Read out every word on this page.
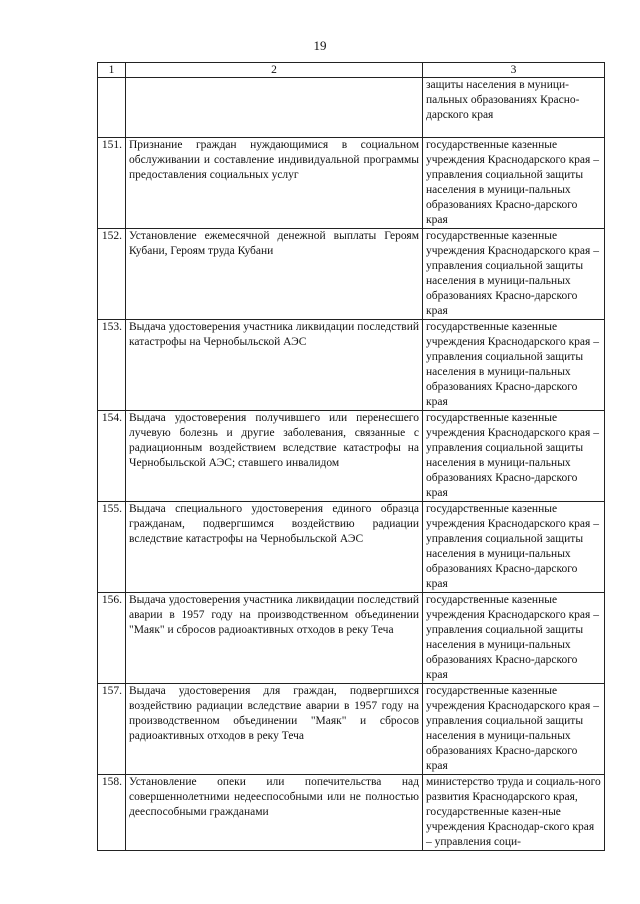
19
1	2	3
		защиты населения в муници-пальных образованиях Красно-дарского края
151.	Признание граждан нуждающимися в социальном обслуживании и составление индивидуальной программы предоставления социальных услуг	государственные казенные учреждения Краснодарского края – управления социальной защиты населения в муници-пальных образованиях Красно-дарского края
152.	Установление ежемесячной денежной выплаты Героям Кубани, Героям труда Кубани	государственные казенные учреждения Краснодарского края – управления социальной защиты населения в муници-пальных образованиях Красно-дарского края
153.	Выдача удостоверения участника ликвидации последствий катастрофы на Чернобыльской АЭС	государственные казенные учреждения Краснодарского края – управления социальной защиты населения в муници-пальных образованиях Красно-дарского края
154.	Выдача удостоверения получившего или перенесшего лучевую болезнь и другие заболевания, связанные с радиационным воздействием вследствие катастрофы на Чернобыльской АЭС; ставшего инвалидом	государственные казенные учреждения Краснодарского края – управления социальной защиты населения в муници-пальных образованиях Красно-дарского края
155.	Выдача специального удостоверения единого образца гражданам, подвергшимся воздействию радиации вследствие катастрофы на Чернобыльской АЭС	государственные казенные учреждения Краснодарского края – управления социальной защиты населения в муници-пальных образованиях Красно-дарского края
156.	Выдача удостоверения участника ликвидации последствий аварии в 1957 году на производственном объединении "Маяк" и сбросов радиоактивных отходов в реку Теча	государственные казенные учреждения Краснодарского края – управления социальной защиты населения в муници-пальных образованиях Красно-дарского края
157.	Выдача удостоверения для граждан, подвергшихся воздействию радиации вследствие аварии в 1957 году на производственном объединении "Маяк" и сбросов радиоактивных отходов в реку Теча	государственные казенные учреждения Краснодарского края – управления социальной защиты населения в муници-пальных образованиях Красно-дарского края
158.	Установление опеки или попечительства над совершеннолетними недееспособными или не полностью дееспособными гражданами	министерство труда и социаль-ного развития Краснодарского края, государственные казен-ные учреждения Краснодар-ского края – управления соци-
